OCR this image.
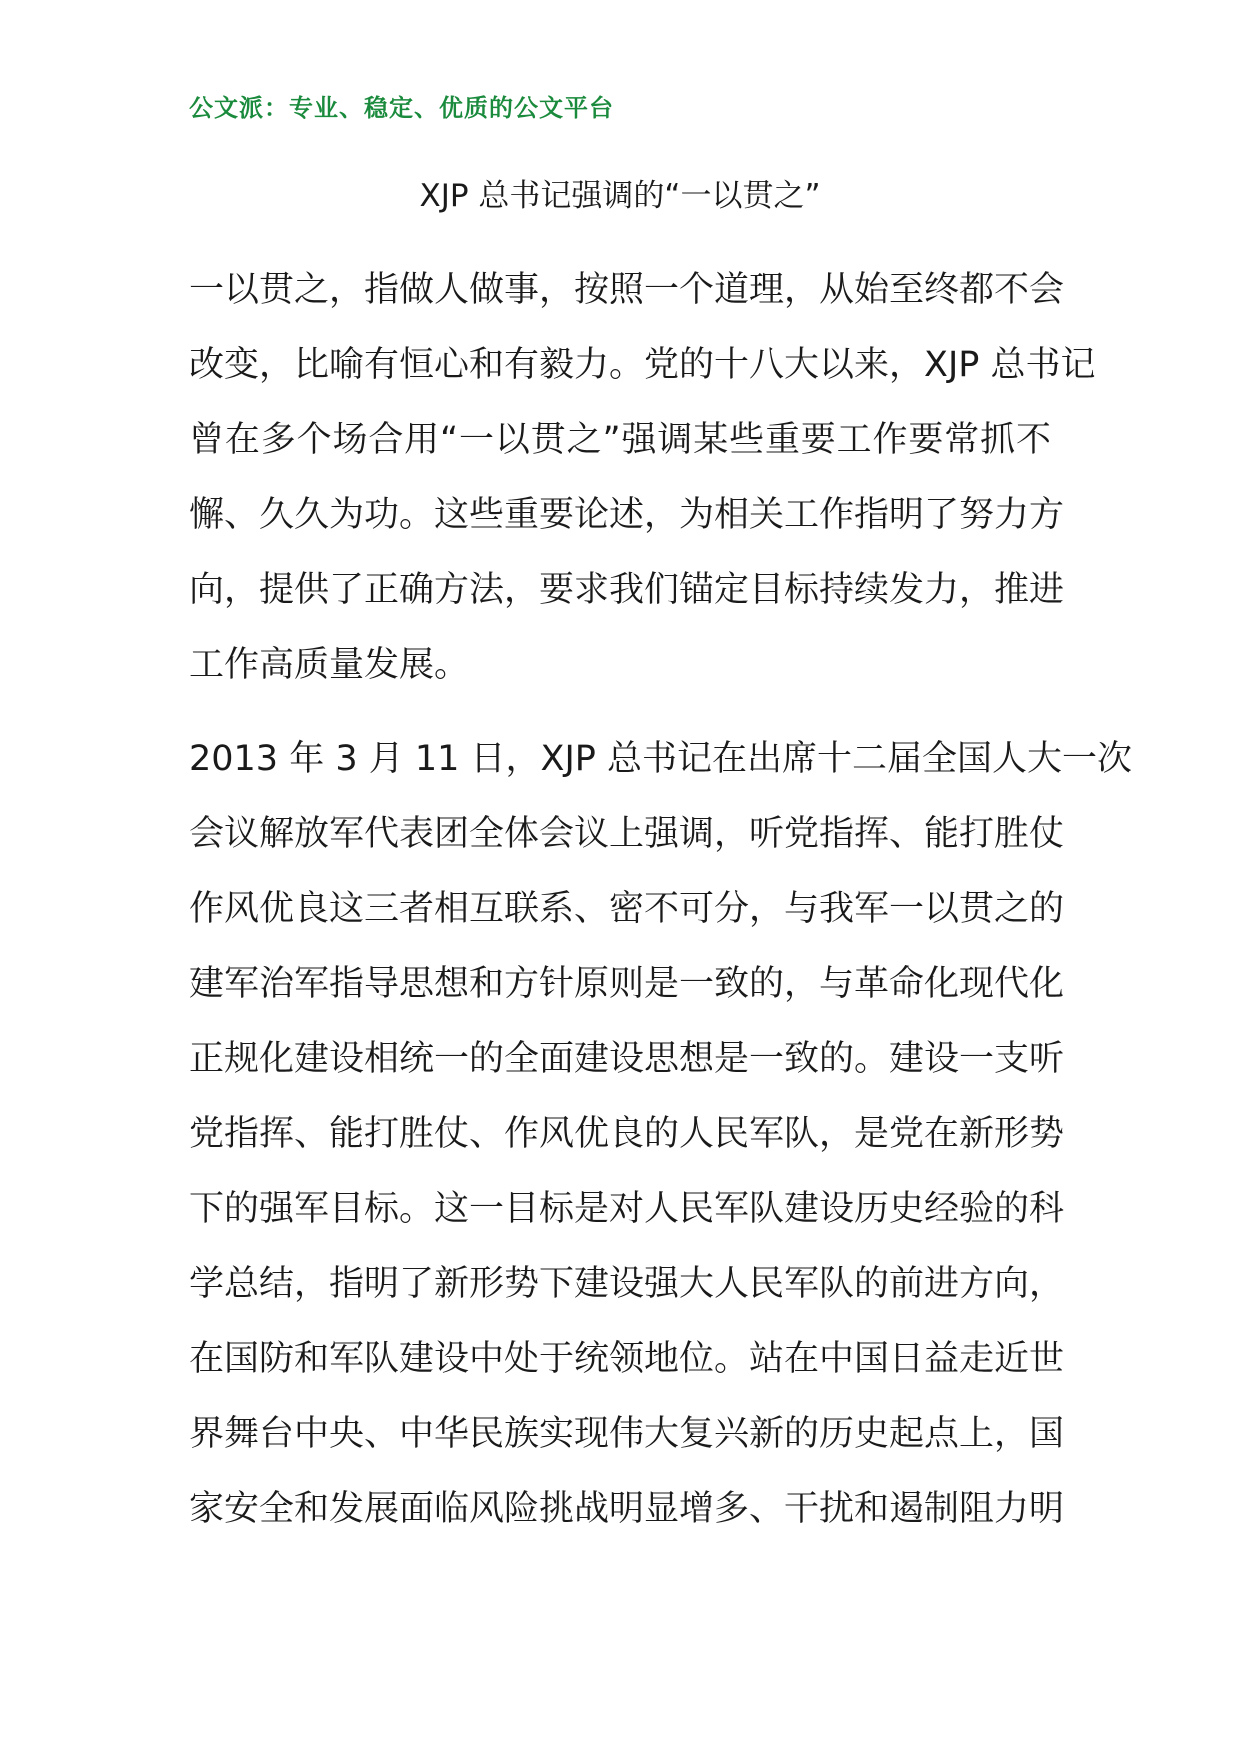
公文派：专业、稳定、优质的公文平台
XJP 总书记强调的“一以贯之”
一以贯之，指做人做事，按照一个道理，从始至终都不会
改变，比喻有恒心和有毅力。党的十八大以来，XJP 总书记
曾在多个场合用“一以贯之”强调某些重要工作要常抓不
懈、久久为功。这些重要论述，为相关工作指明了努力方
向，提供了正确方法，要求我们锚定目标持续发力，推进
工作高质量发展。
2013 年 3 月 11 日，XJP 总书记在出席十二届全国人大一次
会议解放军代表团全体会议上强调，听党指挥、能打胜仗
作风优良这三者相互联系、密不可分，与我军一以贯之的
建军治军指导思想和方针原则是一致的，与革命化现代化
正规化建设相统一的全面建设思想是一致的。建设一支听
党指挥、能打胜仗、作风优良的人民军队，是党在新形势
下的强军目标。这一目标是对人民军队建设历史经验的科
学总结，指明了新形势下建设强大人民军队的前进方向，
在国防和军队建设中处于统领地位。站在中国日益走近世
界舞台中央、中华民族实现伟大复兴新的历史起点上，国
家安全和发展面临风险挑战明显增多、干扰和遏制阻力明
